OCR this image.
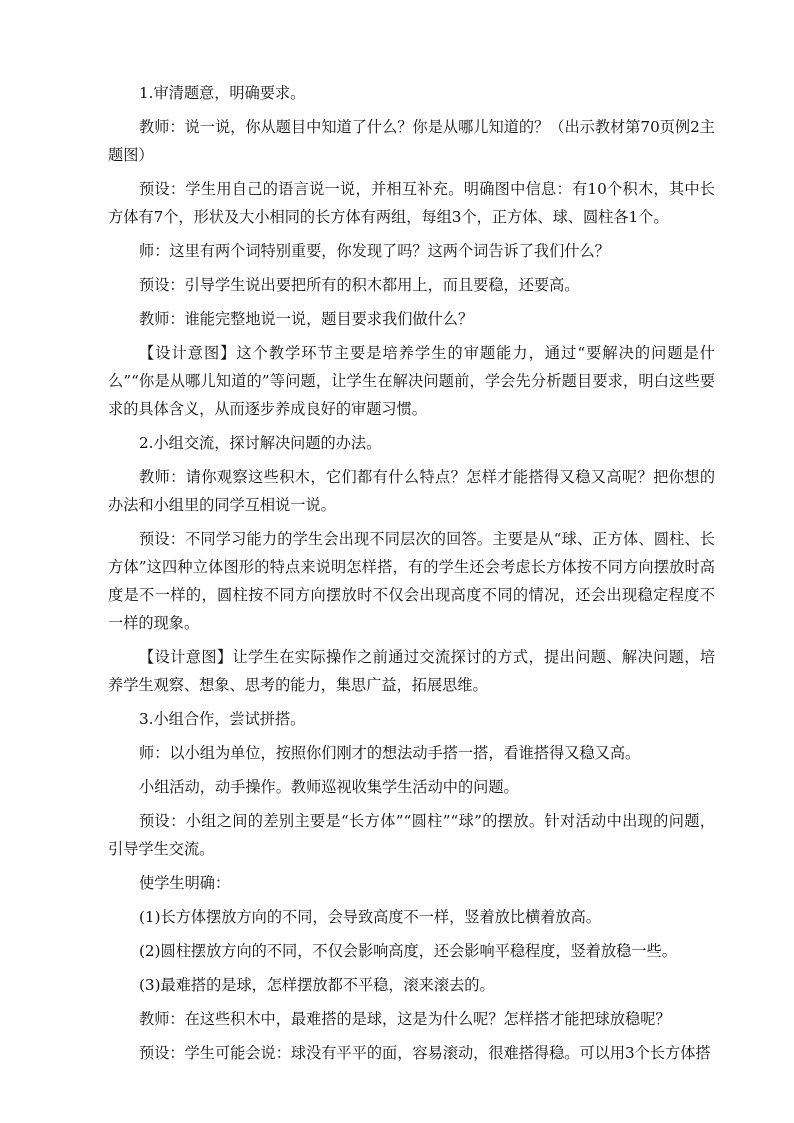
1.审清题意，明确要求。

教师：说一说，你从题目中知道了什么？你是从哪儿知道的？（出示教材第70页例2主题图）

预设：学生用自己的语言说一说，并相互补充。明确图中信息：有10个积木，其中长方体有7个，形状及大小相同的长方体有两组，每组3个，正方体、球、圆柱各1个。

师：这里有两个词特别重要，你发现了吗？这两个词告诉了我们什么？

预设：引导学生说出要把所有的积木都用上，而且要稳，还要高。

教师：谁能完整地说一说，题目要求我们做什么？

【设计意图】这个教学环节主要是培养学生的审题能力，通过“要解决的问题是什么”“你是从哪儿知道的”等问题，让学生在解决问题前，学会先分析题目要求，明白这些要求的具体含义，从而逐步养成良好的审题习惯。

2.小组交流，探讨解决问题的办法。

教师：请你观察这些积木，它们都有什么特点？怎样才能搭得又稳又高呢？把你想的办法和小组里的同学互相说一说。

预设：不同学习能力的学生会出现不同层次的回答。主要是从“球、正方体、圆柱、长方体”这四种立体图形的特点来说明怎样搭，有的学生还会考虑长方体按不同方向摆放时高度是不一样的，圆柱按不同方向摆放时不仅会出现高度不同的情况，还会出现稳定程度不一样的现象。

【设计意图】让学生在实际操作之前通过交流探讨的方式，提出问题、解决问题，培养学生观察、想象、思考的能力，集思广益，拓展思维。

3.小组合作，尝试拼搭。

师：以小组为单位，按照你们刚才的想法动手搭一搭，看谁搭得又稳又高。

小组活动，动手操作。教师巡视收集学生活动中的问题。

预设：小组之间的差别主要是“长方体”“圆柱”“球”的摆放。针对活动中出现的问题，引导学生交流。

使学生明确：

(1)长方体摆放方向的不同，会导致高度不一样，竖着放比横着放高。

(2)圆柱摆放方向的不同，不仅会影响高度，还会影响平稳程度，竖着放稳一些。

(3)最难搭的是球，怎样摆放都不平稳，滚来滚去的。

教师：在这些积木中，最难搭的是球，这是为什么呢？怎样搭才能把球放稳呢？

预设：学生可能会说：球没有平平的面，容易滚动，很难搭得稳。可以用3个长方体搭
